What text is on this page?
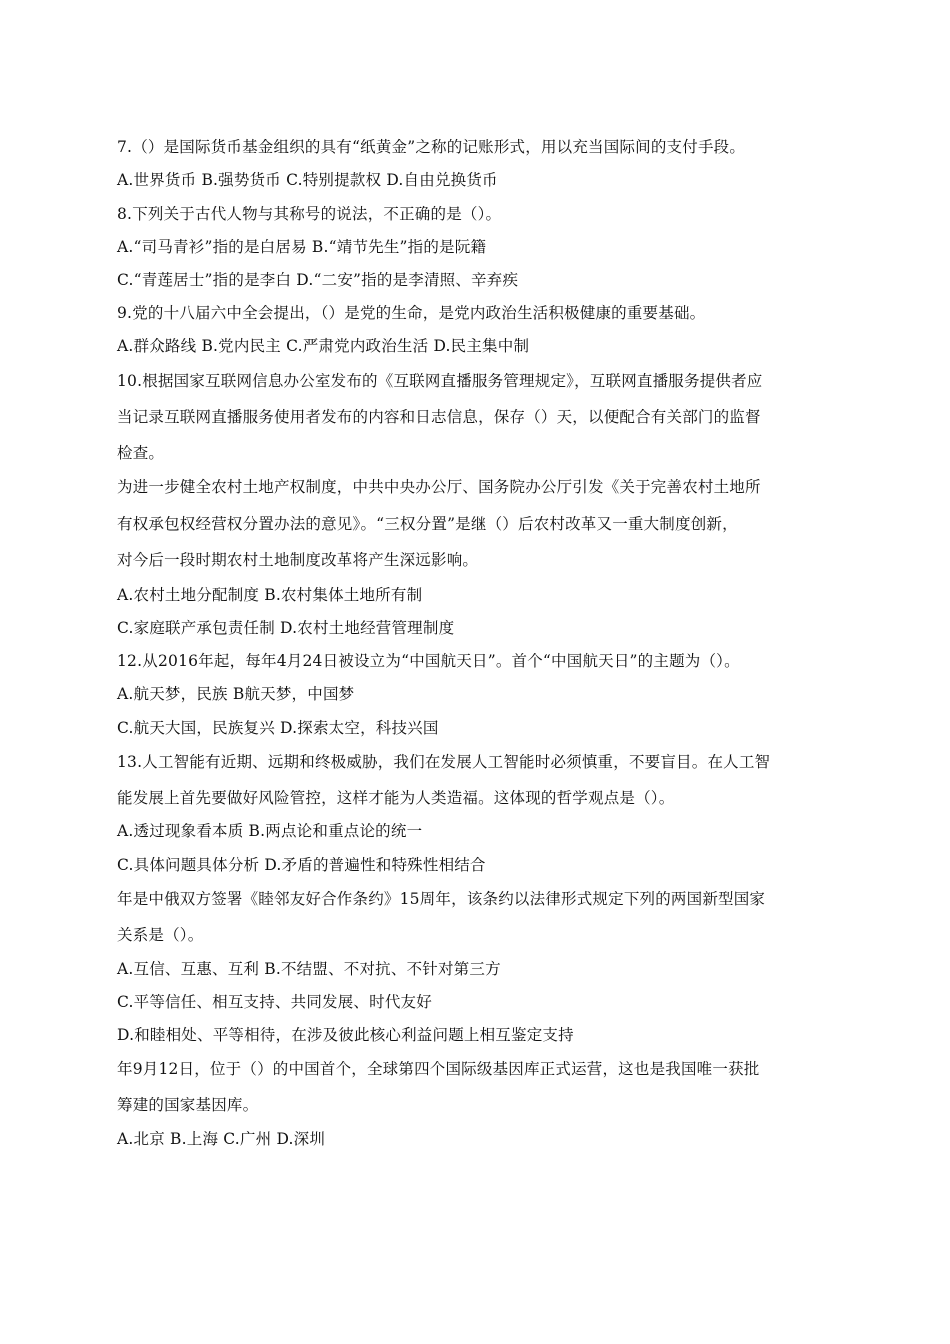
7.（）是国际货币基金组织的具有“纸黄金”之称的记账形式，用以充当国际间的支付手段。
A.世界货币 B.强势货币 C.特别提款权 D.自由兑换货币
8.下列关于古代人物与其称号的说法，不正确的是（）。
A.“司马青衫”指的是白居易 B.“靖节先生”指的是阮籍
C.“青莲居士”指的是李白 D.“二安”指的是李清照、辛弃疾
9.党的十八届六中全会提出，（）是党的生命，是党内政治生活积极健康的重要基础。
A.群众路线 B.党内民主 C.严肃党内政治生活 D.民主集中制
10.根据国家互联网信息办公室发布的《互联网直播服务管理规定》，互联网直播服务提供者应
当记录互联网直播服务使用者发布的内容和日志信息，保存（）天，以便配合有关部门的监督
检查。
为进一步健全农村土地产权制度，中共中央办公厅、国务院办公厅引发《关于完善农村土地所
有权承包权经营权分置办法的意见》。“三权分置”是继（）后农村改革又一重大制度创新，
对今后一段时期农村土地制度改革将产生深远影响。
A.农村土地分配制度 B.农村集体土地所有制
C.家庭联产承包责任制 D.农村土地经营管理制度
12.从2016年起，每年4月24日被设立为“中国航天日”。首个“中国航天日”的主题为（）。
A.航天梦，民族 B航天梦，中国梦
C.航天大国，民族复兴 D.探索太空，科技兴国
13.人工智能有近期、远期和终极威胁，我们在发展人工智能时必须慎重，不要盲目。在人工智
能发展上首先要做好风险管控，这样才能为人类造福。这体现的哲学观点是（）。
A.透过现象看本质 B.两点论和重点论的统一
C.具体问题具体分析 D.矛盾的普遍性和特殊性相结合
年是中俄双方签署《睦邻友好合作条约》15周年，该条约以法律形式规定下列的两国新型国家
关系是（）。
A.互信、互惠、互利 B.不结盟、不对抗、不针对第三方
C.平等信任、相互支持、共同发展、时代友好
D.和睦相处、平等相待，在涉及彼此核心利益问题上相互鉴定支持
年9月12日，位于（）的中国首个，全球第四个国际级基因库正式运营，这也是我国唯一获批
筹建的国家基因库。
A.北京 B.上海 C.广州 D.深圳
